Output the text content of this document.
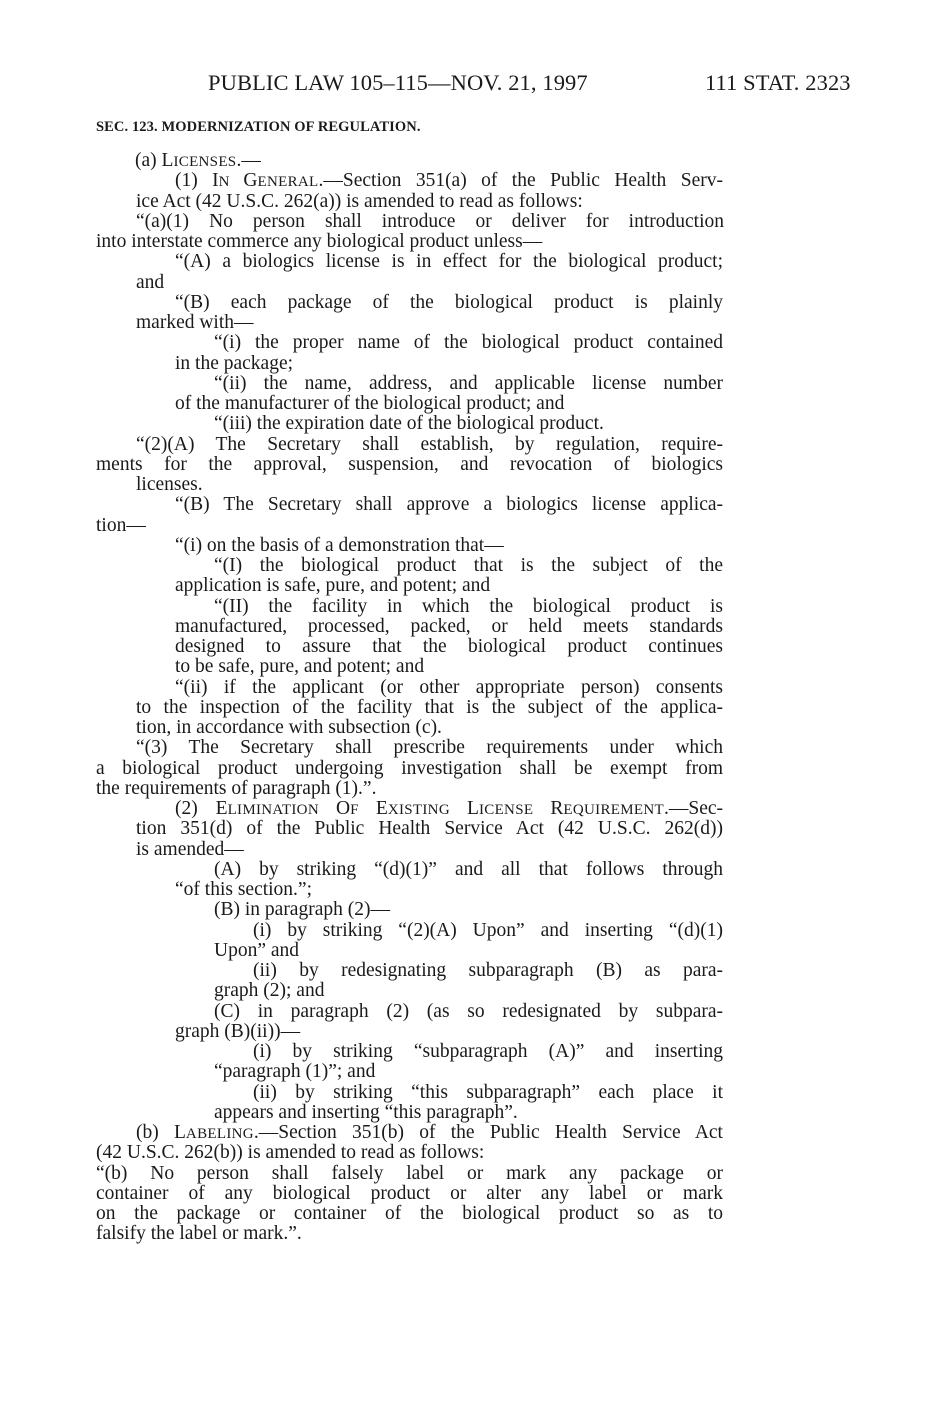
PUBLIC LAW 105–115—NOV. 21, 1997	111 STAT. 2323
SEC. 123. MODERNIZATION OF REGULATION.

(a) LICENSES.—

(1) IN GENERAL.—Section 351(a) of the Public Health Serv-

ice Act (42 U.S.C. 262(a)) is amended to read as follows:

“(a)(1) No person shall introduce or deliver for introduction

into interstate commerce any biological product unless—

“(A) a biologics license is in effect for the biological product;

and

“(B) each package of the biological product is plainly

marked with—

“(i) the proper name of the biological product contained

in the package;

“(ii) the name, address, and applicable license number

of the manufacturer of the biological product; and

“(iii) the expiration date of the biological product.

“(2)(A) The Secretary shall establish, by regulation, require-

ments for the approval, suspension, and revocation of biologics

licenses.

“(B) The Secretary shall approve a biologics license applica-

tion—

“(i) on the basis of a demonstration that—

“(I) the biological product that is the subject of the

application is safe, pure, and potent; and

“(II) the facility in which the biological product is

manufactured, processed, packed, or held meets standards

designed to assure that the biological product continues

to be safe, pure, and potent; and

“(ii) if the applicant (or other appropriate person) consents

to the inspection of the facility that is the subject of the applica-

tion, in accordance with subsection (c).

“(3) The Secretary shall prescribe requirements under which

a biological product undergoing investigation shall be exempt from

the requirements of paragraph (1).”.

(2) ELIMINATION OF EXISTING LICENSE REQUIREMENT.—Sec-

tion 351(d) of the Public Health Service Act (42 U.S.C. 262(d))

is amended—

(A) by striking “(d)(1)” and all that follows through

“of this section.”;

(B) in paragraph (2)—

(i) by striking “(2)(A) Upon” and inserting “(d)(1)

Upon” and

(ii) by redesignating subparagraph (B) as para-

graph (2); and

(C) in paragraph (2) (as so redesignated by subpara-

graph (B)(ii))—

(i) by striking “subparagraph (A)” and inserting

“paragraph (1)”; and

(ii) by striking “this subparagraph” each place it

appears and inserting “this paragraph”.

(b) LABELING.—Section 351(b) of the Public Health Service Act

(42 U.S.C. 262(b)) is amended to read as follows:

“(b) No person shall falsely label or mark any package or

container of any biological product or alter any label or mark

on the package or container of the biological product so as to

falsify the label or mark.”.
